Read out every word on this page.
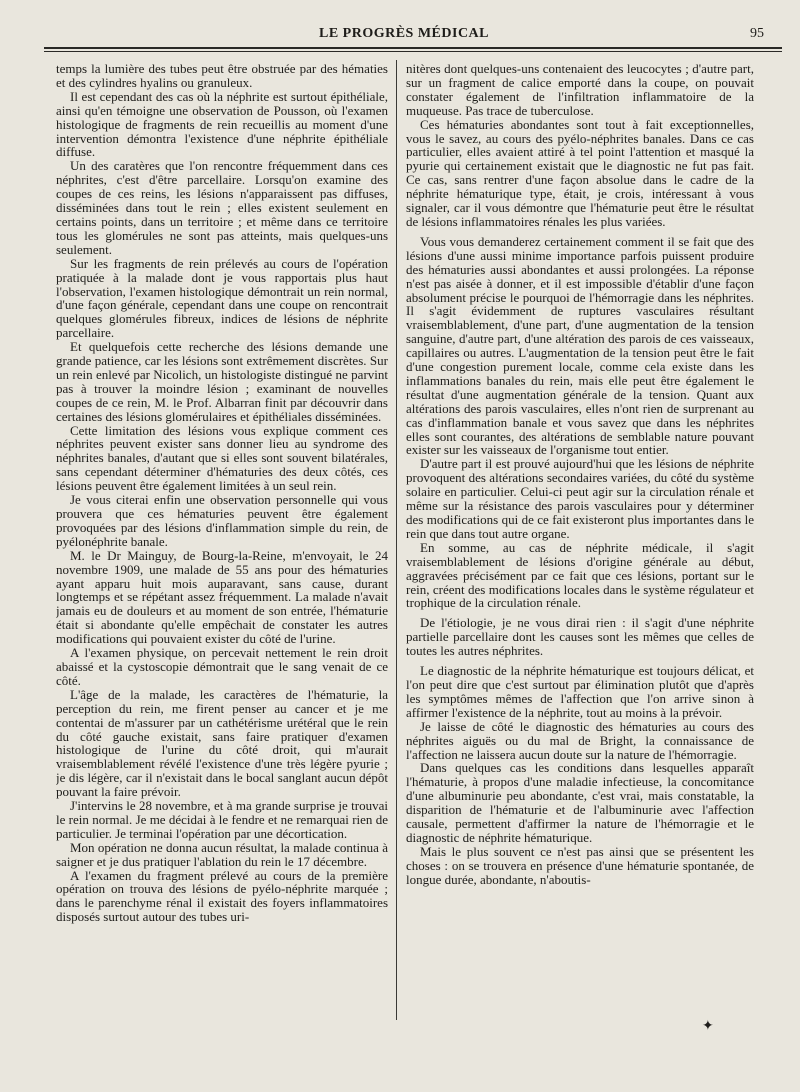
LE PROGRÈS MÉDICAL	95

temps la lumière des tubes peut être obstruée par des hématies et des cylindres hyalins ou granuleux.

Il est cependant des cas où la néphrite est surtout épithéliale, ainsi qu'en témoigne une observation de Pousson, où l'examen histologique de fragments de rein recueillis au moment d'une intervention démontra l'existence d'une néphrite épithéliale diffuse.

Un des caratères que l'on rencontre fréquemment dans ces néphrites, c'est d'être parcellaire. Lorsqu'on examine des coupes de ces reins, les lésions n'apparaissent pas diffuses, disséminées dans tout le rein ; elles existent seulement en certains points, dans un territoire ; et même dans ce territoire tous les glomérules ne sont pas atteints, mais quelques-uns seulement.

Sur les fragments de rein prélevés au cours de l'opération pratiquée à la malade dont je vous rapportais plus haut l'observation, l'examen histologique démontrait un rein normal, d'une façon générale, cependant dans une coupe on rencontrait quelques glomérules fibreux, indices de lésions de néphrite parcellaire.

Et quelquefois cette recherche des lésions demande une grande patience, car les lésions sont extrêmement discrètes. Sur un rein enlevé par Nicolich, un histologiste distingué ne parvint pas à trouver la moindre lésion ; examinant de nouvelles coupes de ce rein, M. le Prof. Albarran finit par découvrir dans certaines des lésions glomérulaires et épithéliales disséminées.

Cette limitation des lésions vous explique comment ces néphrites peuvent exister sans donner lieu au syndrome des néphrites banales, d'autant que si elles sont souvent bilatérales, sans cependant déterminer d'hématuries des deux côtés, ces lésions peuvent être également limitées à un seul rein.

Je vous citerai enfin une observation personnelle qui vous prouvera que ces hématuries peuvent être également provoquées par des lésions d'inflammation simple du rein, de pyélonéphrite banale.

M. le Dr Mainguy, de Bourg-la-Reine, m'envoyait, le 24 novembre 1909, une malade de 55 ans pour des hématuries ayant apparu huit mois auparavant, sans cause, durant longtemps et se répétant assez fréquemment. La malade n'avait jamais eu de douleurs et au moment de son entrée, l'hématurie était si abondante qu'elle empêchait de constater les autres modifications qui pouvaient exister du côté de l'urine.

A l'examen physique, on percevait nettement le rein droit abaissé et la cystoscopie démontrait que le sang venait de ce côté.

L'âge de la malade, les caractères de l'hématurie, la perception du rein, me firent penser au cancer et je me contentai de m'assurer par un cathétérisme urétéral que le rein du côté gauche existait, sans faire pratiquer d'examen histologique de l'urine du côté droit, qui m'aurait vraisemblablement révélé l'existence d'une très légère pyurie ; je dis légère, car il n'existait dans le bocal sanglant aucun dépôt pouvant la faire prévoir.

J'intervins le 28 novembre, et à ma grande surprise je trouvai le rein normal. Je me décidai à le fendre et ne remarquai rien de particulier. Je terminai l'opération par une décortication.

Mon opération ne donna aucun résultat, la malade continua à saigner et je dus pratiquer l'ablation du rein le 17 décembre.

A l'examen du fragment prélevé au cours de la première opération on trouva des lésions de pyélo-néphrite marquée ; dans le parenchyme rénal il existait des foyers inflammatoires disposés surtout autour des tubes uri-

nitères dont quelques-uns contenaient des leucocytes ; d'autre part, sur un fragment de calice emporté dans la coupe, on pouvait constater également de l'infiltration inflammatoire de la muqueuse. Pas trace de tuberculose.

Ces hématuries abondantes sont tout à fait exceptionnelles, vous le savez, au cours des pyélo-néphrites banales. Dans ce cas particulier, elles avaient attiré à tel point l'attention et masqué la pyurie qui certainement existait que le diagnostic ne fut pas fait. Ce cas, sans rentrer d'une façon absolue dans le cadre de la néphrite hématurique type, était, je crois, intéressant à vous signaler, car il vous démontre que l'hématurie peut être le résultat de lésions inflammatoires rénales les plus variées.

Vous vous demanderez certainement comment il se fait que des lésions d'une aussi minime importance parfois puissent produire des hématuries aussi abondantes et aussi prolongées. La réponse n'est pas aisée à donner, et il est impossible d'établir d'une façon absolument précise le pourquoi de l'hémorragie dans les néphrites. Il s'agit évidemment de ruptures vasculaires résultant vraisemblablement, d'une part, d'une augmentation de la tension sanguine, d'autre part, d'une altération des parois de ces vaisseaux, capillaires ou autres. L'augmentation de la tension peut être le fait d'une congestion purement locale, comme cela existe dans les inflammations banales du rein, mais elle peut être également le résultat d'une augmentation générale de la tension. Quant aux altérations des parois vasculaires, elles n'ont rien de surprenant au cas d'inflammation banale et vous savez que dans les néphrites elles sont courantes, des altérations de semblable nature pouvant exister sur les vaisseaux de l'organisme tout entier.

D'autre part il est prouvé aujourd'hui que les lésions de néphrite provoquent des altérations secondaires variées, du côté du système solaire en particulier. Celui-ci peut agir sur la circulation rénale et même sur la résistance des parois vasculaires pour y déterminer des modifications qui de ce fait existeront plus importantes dans le rein que dans tout autre organe.

En somme, au cas de néphrite médicale, il s'agit vraisemblablement de lésions d'origine générale au début, aggravées précisément par ce fait que ces lésions, portant sur le rein, créent des modifications locales dans le système régulateur et trophique de la circulation rénale.

De l'étiologie, je ne vous dirai rien : il s'agit d'une néphrite partielle parcellaire dont les causes sont les mêmes que celles de toutes les autres néphrites.

Le diagnostic de la néphrite hématurique est toujours délicat, et l'on peut dire que c'est surtout par élimination plutôt que d'après les symptômes mêmes de l'affection que l'on arrive sinon à affirmer l'existence de la néphrite, tout au moins à la prévoir.

Je laisse de côté le diagnostic des hématuries au cours des néphrites aiguës ou du mal de Bright, la connaissance de l'affection ne laissera aucun doute sur la nature de l'hémorragie.

Dans quelques cas les conditions dans lesquelles apparaît l'hématurie, à propos d'une maladie infectieuse, la concomitance d'une albuminurie peu abondante, c'est vrai, mais constatable, la disparition de l'hématurie et de l'albuminurie avec l'affection causale, permettent d'affirmer la nature de l'hémorragie et le diagnostic de néphrite hématurique.

Mais le plus souvent ce n'est pas ainsi que se présentent les choses : on se trouvera en présence d'une hématurie spontanée, de longue durée, abondante, n'aboutis-

✦
